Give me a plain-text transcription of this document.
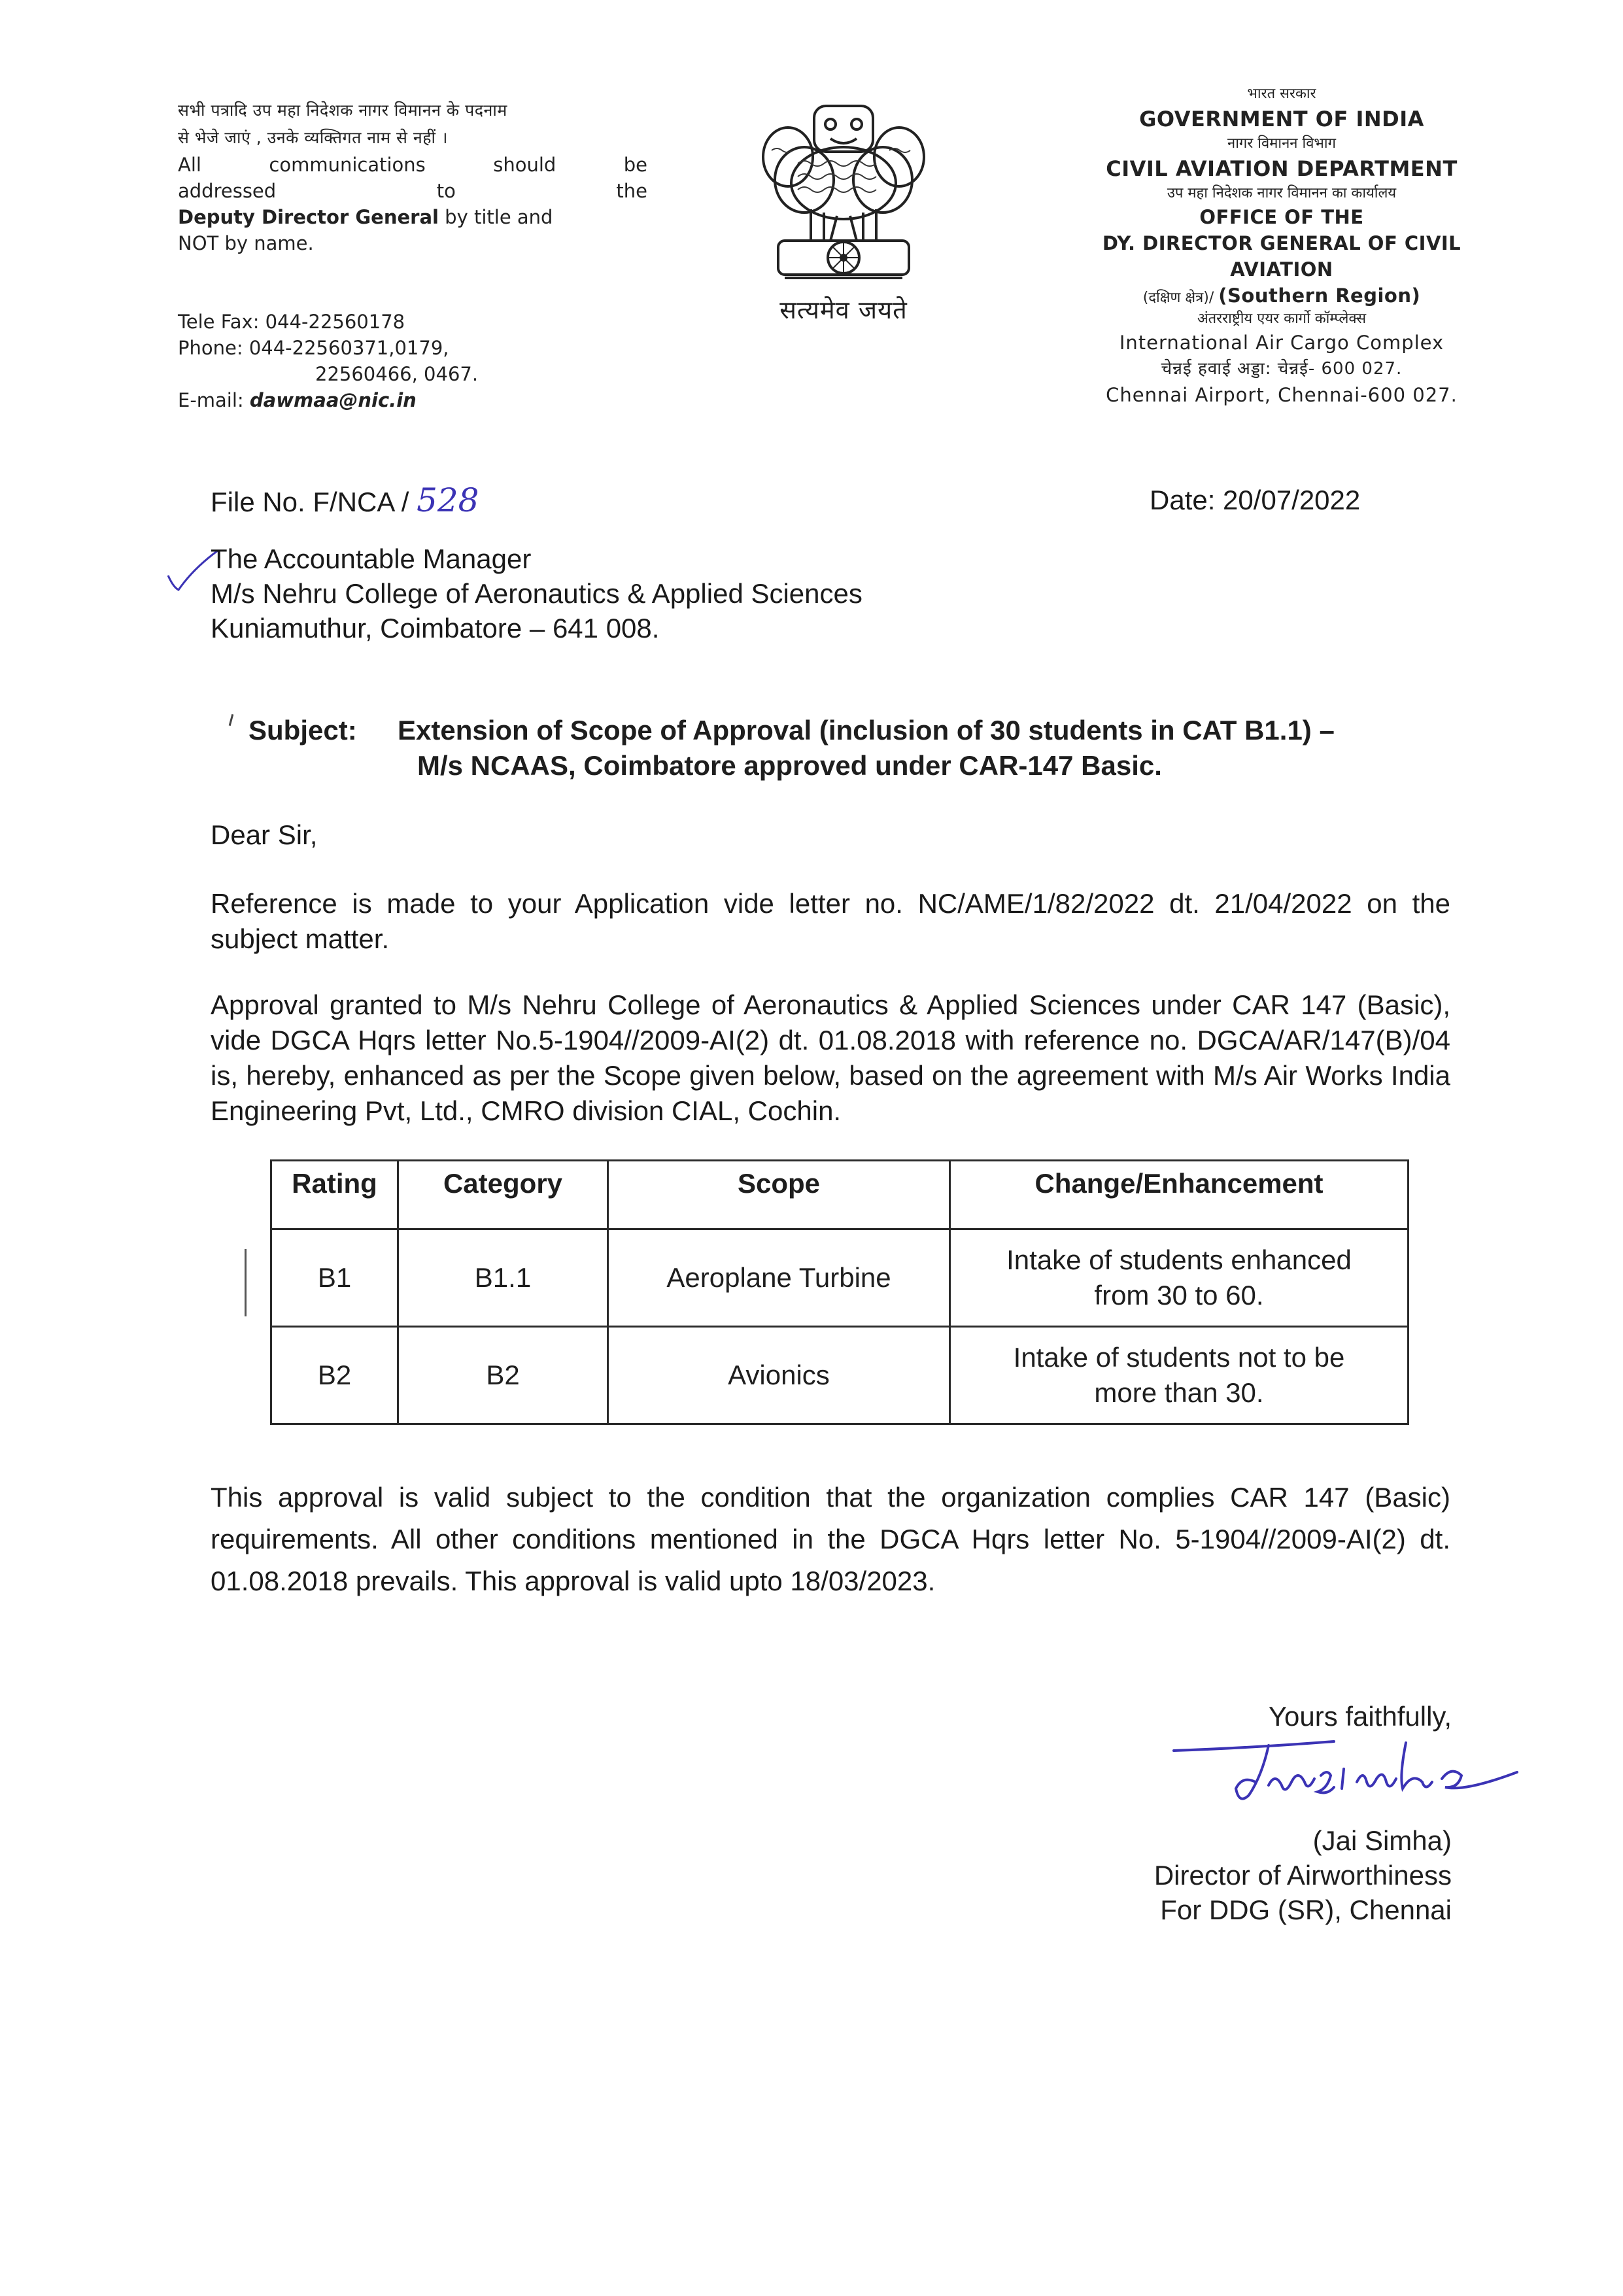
सभी पत्रादि उप महा निदेशक नागर विमानन के पदनाम
से भेजे जाएं , उनके व्यक्तिगत नाम से नहीं ।
All communications should be
addressed to the
Deputy Director General by title and
NOT by name.
Tele Fax: 044-22560178
Phone: 044-22560371,0179,
22560466, 0467.
E-mail: dawmaa@nic.in
सत्यमेव जयते
भारत सरकार
GOVERNMENT OF INDIA
नागर विमानन विभाग
CIVIL AVIATION DEPARTMENT
उप महा निदेशक नागर विमानन का कार्यालय
OFFICE OF THE
DY. DIRECTOR GENERAL OF CIVIL
AVIATION
(दक्षिण क्षेत्र)/ (Southern Region)
अंतरराष्ट्रीय एयर कार्गो कॉम्प्लेक्स
International Air Cargo Complex
चेन्नई हवाई अड्डा: चेन्नई- 600 027.
Chennai Airport, Chennai-600 027.
File No. F/NCA / 528	Date: 20/07/2022
The Accountable Manager
M/s Nehru College of Aeronautics & Applied Sciences
Kuniamuthur, Coimbatore – 641 008.
Subject: Extension of Scope of Approval (inclusion of 30 students in CAT B1.1) –
M/s NCAAS, Coimbatore approved under CAR-147 Basic.
Dear Sir,
Reference is made to your Application vide letter no. NC/AME/1/82/2022 dt. 21/04/2022 on the subject matter.
Approval granted to M/s Nehru College of Aeronautics & Applied Sciences under CAR 147 (Basic), vide DGCA Hqrs letter No.5-1904//2009-AI(2) dt. 01.08.2018 with reference no. DGCA/AR/147(B)/04 is, hereby, enhanced as per the Scope given below, based on the agreement with M/s Air Works India Engineering Pvt, Ltd., CMRO division CIAL, Cochin.
Rating	Category	Scope	Change/Enhancement
B1	B1.1	Aeroplane Turbine	Intake of students enhanced
from 30 to 60.

B2	B2	Avionics	Intake of students not to be
more than 30.
This approval is valid subject to the condition that the organization complies CAR 147 (Basic) requirements. All other conditions mentioned in the DGCA Hqrs letter No. 5-1904//2009-AI(2) dt. 01.08.2018 prevails. This approval is valid upto 18/03/2023.
Yours faithfully,
(Jai Simha)
Director of Airworthiness
For DDG (SR), Chennai
